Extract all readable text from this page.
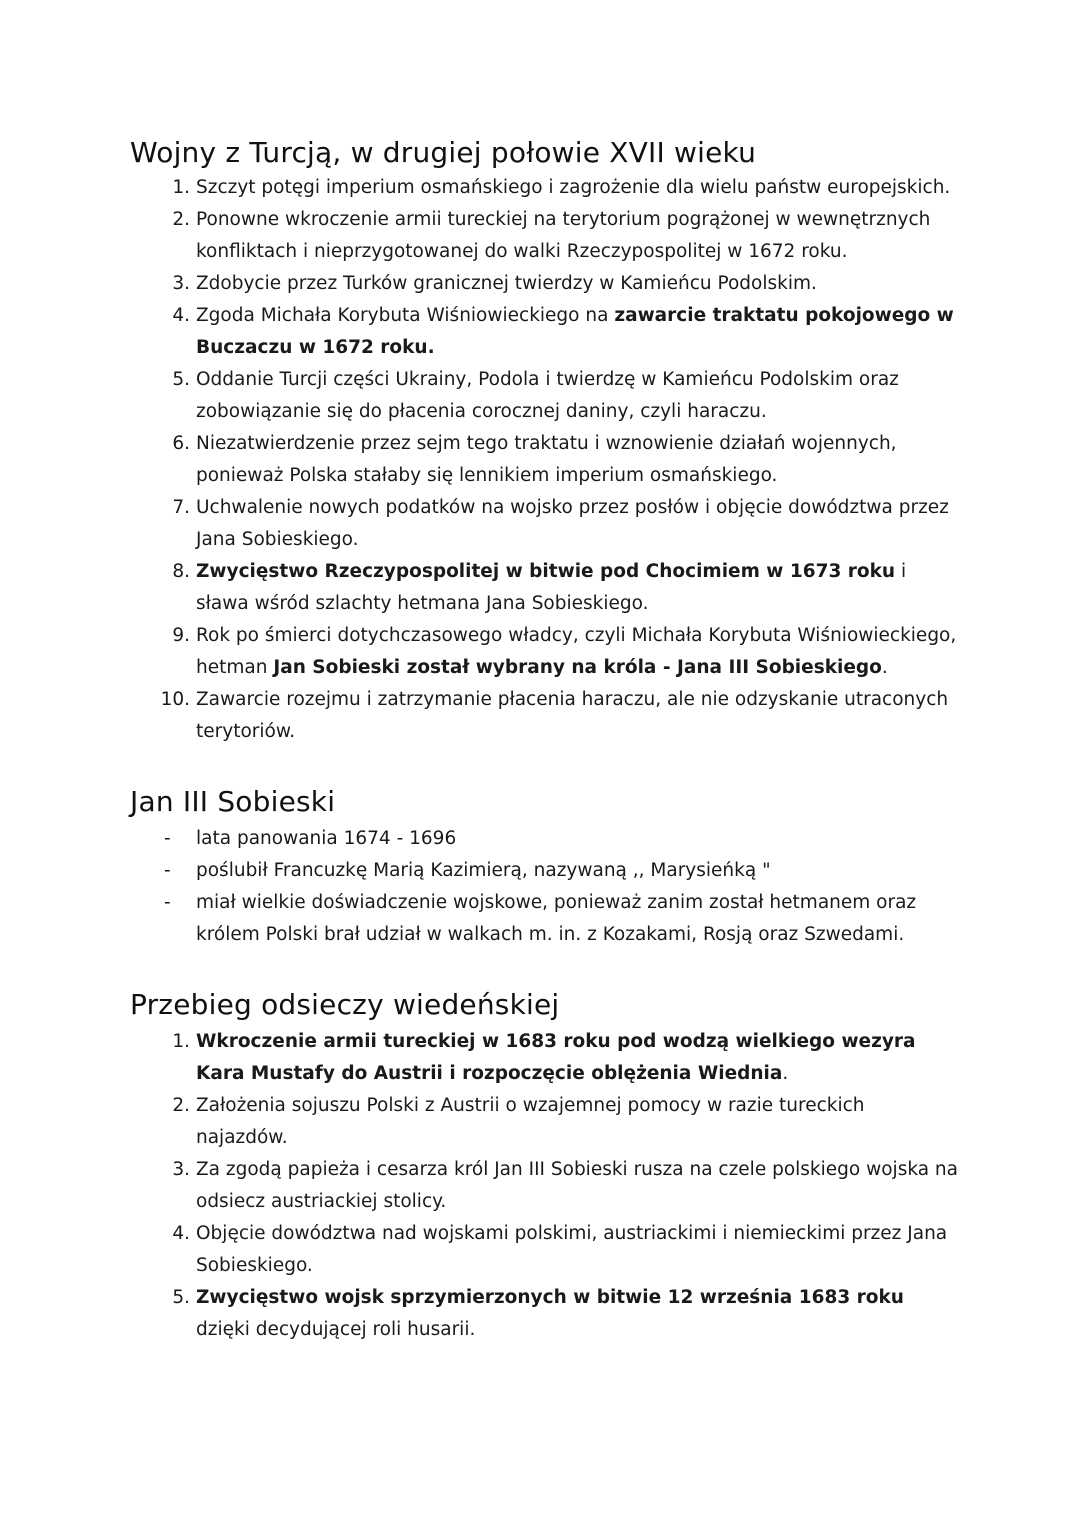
Wojny z Turcją, w drugiej połowie XVII wieku
1. Szczyt potęgi imperium osmańskiego i zagrożenie dla wielu państw europejskich.
2. Ponowne wkroczenie armii tureckiej na terytorium pogrążonej w wewnętrznych konfliktach i nieprzygotowanej do walki Rzeczypospolitej w 1672 roku.
3. Zdobycie przez Turków granicznej twierdzy w Kamieńcu Podolskim.
4. Zgoda Michała Korybuta Wiśniowieckiego na zawarcie traktatu pokojowego w Buczaczu w 1672 roku.
5. Oddanie Turcji części Ukrainy, Podola i twierdzę w Kamieńcu Podolskim oraz zobowiązanie się do płacenia corocznej daniny, czyli haraczu.
6. Niezatwierdzenie przez sejm tego traktatu i wznowienie działań wojennych, ponieważ Polska stałaby się lennikiem imperium osmańskiego.
7. Uchwalenie nowych podatków na wojsko przez posłów i objęcie dowództwa przez Jana Sobieskiego.
8. Zwycięstwo Rzeczypospolitej w bitwie pod Chocimiem w 1673 roku i sława wśród szlachty hetmana Jana Sobieskiego.
9. Rok po śmierci dotychczasowego władcy, czyli Michała Korybuta Wiśniowieckiego, hetman Jan Sobieski został wybrany na króla - Jana III Sobieskiego.
10. Zawarcie rozejmu i zatrzymanie płacenia haraczu, ale nie odzyskanie utraconych terytoriów.
Jan III Sobieski
- lata panowania 1674 - 1696
- poślubił Francuzkę Marią Kazimierą, nazywaną ,, Marysieńką "
- miał wielkie doświadczenie wojskowe, ponieważ zanim został hetmanem oraz królem Polski brał udział w walkach m. in. z Kozakami, Rosją oraz Szwedami.
Przebieg odsieczy wiedeńskiej
1. Wkroczenie armii tureckiej w 1683 roku pod wodzą wielkiego wezyra Kara Mustafy do Austrii i rozpoczęcie oblężenia Wiednia.
2. Założenia sojuszu Polski z Austrii o wzajemnej pomocy w razie tureckich najazdów.
3. Za zgodą papieża i cesarza król Jan III Sobieski rusza na czele polskiego wojska na odsiecz austriackiej stolicy.
4. Objęcie dowództwa nad wojskami polskimi, austriackimi i niemieckimi przez Jana Sobieskiego.
5. Zwycięstwo wojsk sprzymierzonych w bitwie 12 września 1683 roku dzięki decydującej roli husarii.
